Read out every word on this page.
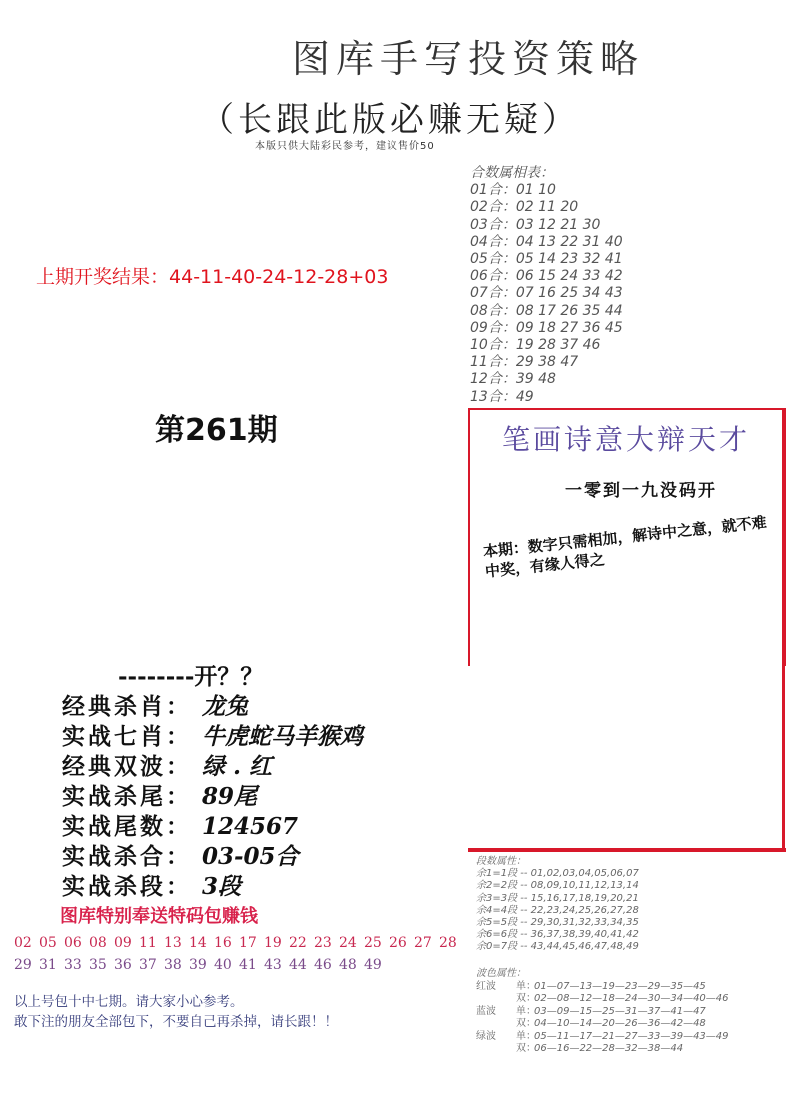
图库手写投资策略
（长跟此版必赚无疑）
本版只供大陆彩民参考，建议售价50
上期开奖结果：44-11-40-24-12-28+03
第261期
合数属相表：
01合：01 10
02合：02 11 20
03合：03 12 21 30
04合：04 13 22 31 40
05合：05 14 23 32 41
06合：06 15 24 33 42
07合：07 16 25 34 43
08合：08 17 26 35 44
09合：09 18 27 36 45
10合：19 28 37 46
11合：29 38 47
12合：39 48
13合：49
笔画诗意大辩天才
一零到一九没码开
本期：数字只需相加，解诗中之意，就不难中奖，有缘人得之
--------开？？
经典杀肖： 龙兔
实战七肖： 牛虎蛇马羊猴鸡
经典双波： 绿 . 红
实战杀尾： 89尾
实战尾数： 124567
实战杀合： 03-05合
实战杀段： 3段
图库特别奉送特码包赚钱
02 05 06 08 09 11 13 14 16 17 19 22 23 24 25 26 27 28
29 31 33 35 36 37 38 39 40 41 43 44 46 48 49
以上号包十中七期。请大家小心参考。
敢下注的朋友全部包下，不要自己再杀掉，请长跟！！
段数属性：
余1=1段 -- 01,02,03,04,05,06,07
余2=2段 -- 08,09,10,11,12,13,14
余3=3段 -- 15,16,17,18,19,20,21
余4=4段 -- 22,23,24,25,26,27,28
余5=5段 -- 29,30,31,32,33,34,35
余6=6段 -- 36,37,38,39,40,41,42
余0=7段 -- 43,44,45,46,47,48,49
波色属性：
红波 单：01—07—13—19—23—29—35—45
双：02—08—12—18—24—30—34—40—46
蓝波 单：03—09—15—25—31—37—41—47
双：04—10—14—20—26—36—42—48
绿波 单：05—11—17—21—27—33—39—43—49
双：06—16—22—28—32—38—44
